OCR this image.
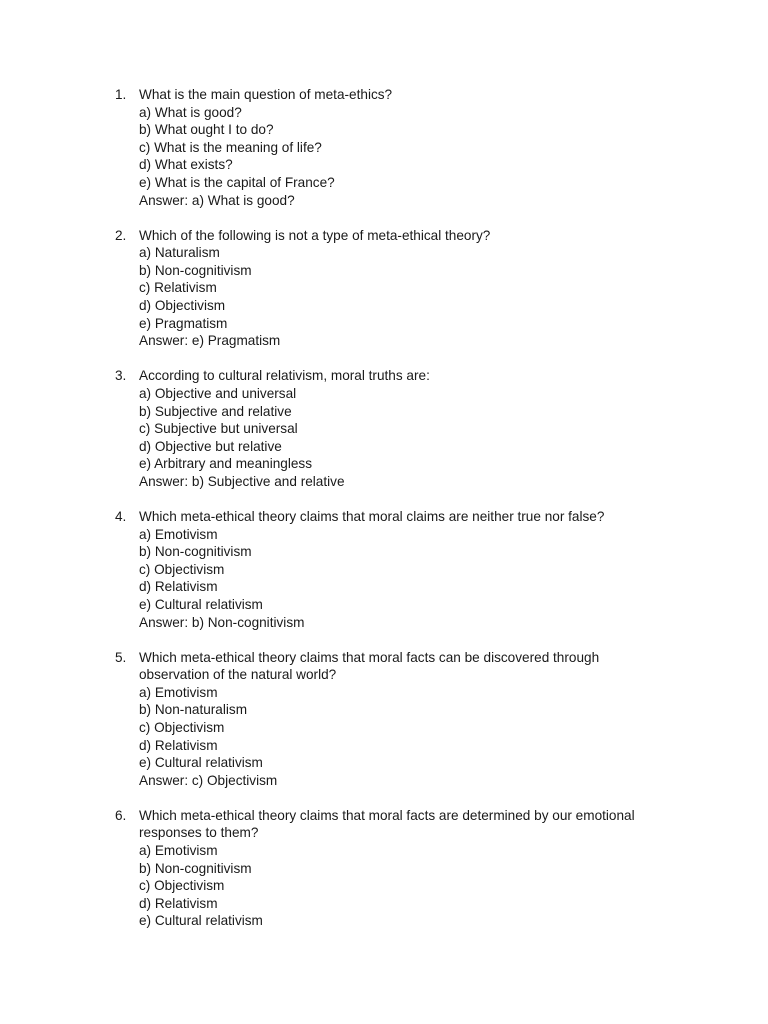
1. What is the main question of meta-ethics?
a) What is good?
b) What ought I to do?
c) What is the meaning of life?
d) What exists?
e) What is the capital of France?
Answer: a) What is good?
2. Which of the following is not a type of meta-ethical theory?
a) Naturalism
b) Non-cognitivism
c) Relativism
d) Objectivism
e) Pragmatism
Answer: e) Pragmatism
3. According to cultural relativism, moral truths are:
a) Objective and universal
b) Subjective and relative
c) Subjective but universal
d) Objective but relative
e) Arbitrary and meaningless
Answer: b) Subjective and relative
4. Which meta-ethical theory claims that moral claims are neither true nor false?
a) Emotivism
b) Non-cognitivism
c) Objectivism
d) Relativism
e) Cultural relativism
Answer: b) Non-cognitivism
5. Which meta-ethical theory claims that moral facts can be discovered through
observation of the natural world?
a) Emotivism
b) Non-naturalism
c) Objectivism
d) Relativism
e) Cultural relativism
Answer: c) Objectivism
6. Which meta-ethical theory claims that moral facts are determined by our emotional
responses to them?
a) Emotivism
b) Non-cognitivism
c) Objectivism
d) Relativism
e) Cultural relativism
